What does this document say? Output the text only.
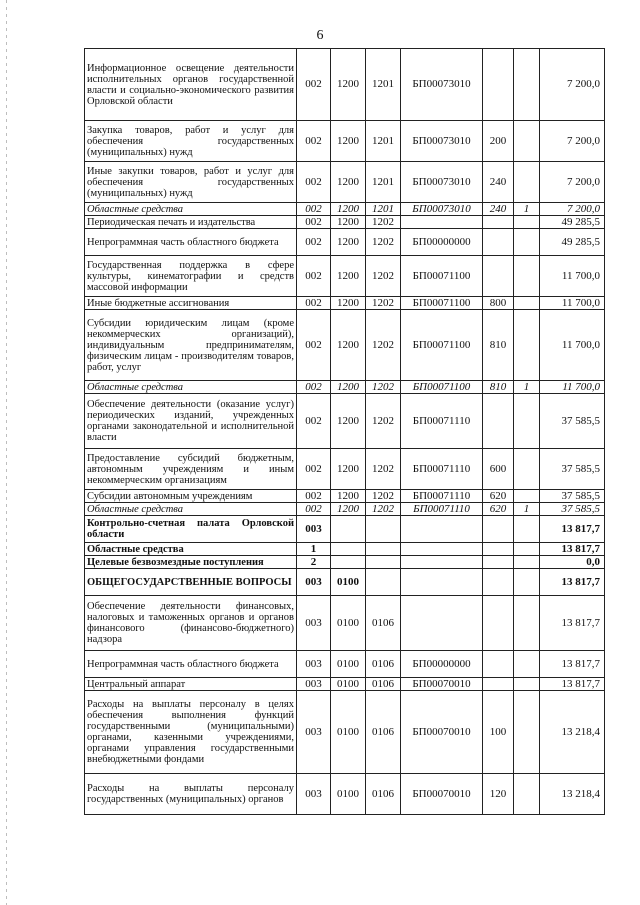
6
Информационное освещение деятельности исполнительных органов государственной власти и социально-экономического развития Орловской области	002	1200	1201	БП00073010			7 200,0
Закупка товаров, работ и услуг для обеспечения государственных (муниципальных) нужд	002	1200	1201	БП00073010	200		7 200,0
Иные закупки товаров, работ и услуг для обеспечения государственных (муниципальных) нужд	002	1200	1201	БП00073010	240		7 200,0
Областные средства	002	1200	1201	БП00073010	240	1	7 200,0
Периодическая печать и издательства	002	1200	1202				49 285,5
Непрограммная часть областного бюджета	002	1200	1202	БП00000000			49 285,5
Государственная поддержка в сфере культуры, кинематографии и средств массовой информации	002	1200	1202	БП00071100			11 700,0
Иные бюджетные ассигнования	002	1200	1202	БП00071100	800		11 700,0
Субсидии юридическим лицам (кроме некоммерческих организаций), индивидуальным предпринимателям, физическим лицам - производителям товаров, работ, услуг	002	1200	1202	БП00071100	810		11 700,0
Областные средства	002	1200	1202	БП00071100	810	1	11 700,0
Обеспечение деятельности (оказание услуг) периодических изданий, учрежденных органами законодательной и исполнительной власти	002	1200	1202	БП00071110			37 585,5
Предоставление субсидий бюджетным, автономным учреждениям и иным некоммерческим организациям	002	1200	1202	БП00071110	600		37 585,5
Субсидии автономным учреждениям	002	1200	1202	БП00071110	620		37 585,5
Областные средства	002	1200	1202	БП00071110	620	1	37 585,5
Контрольно-счетная палата Орловской области	003						13 817,7
Областные средства	1						13 817,7
Целевые безвозмездные поступления	2						0,0
ОБЩЕГОСУДАРСТВЕННЫЕ ВОПРОСЫ	003	0100					13 817,7
Обеспечение деятельности финансовых, налоговых и таможенных органов и органов финансового (финансово-бюджетного) надзора	003	0100	0106				13 817,7
Непрограммная часть областного бюджета	003	0100	0106	БП00000000			13 817,7
Центральный аппарат	003	0100	0106	БП00070010			13 817,7
Расходы на выплаты персоналу в целях обеспечения выполнения функций государственными (муниципальными) органами, казенными учреждениями, органами управления государственными внебюджетными фондами	003	0100	0106	БП00070010	100		13 218,4
Расходы на выплаты персоналу государственных (муниципальных) органов	003	0100	0106	БП00070010	120		13 218,4
